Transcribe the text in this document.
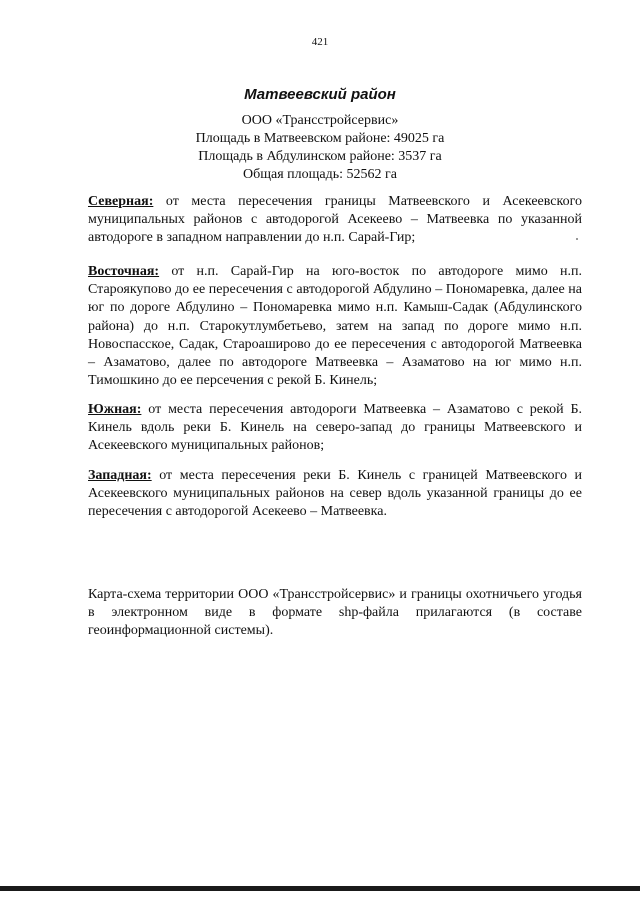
421
Матвеевский район
ООО «Трансстройсервис»
Площадь в Матвеевском районе: 49025 га
Площадь в Абдулинском районе: 3537 га
Общая площадь: 52562 га

Северная: от места пересечения границы Матвеевского и Асекеевского муниципальных районов с автодорогой Асекеево – Матвеевка по указанной автодороге в западном направлении до н.п. Сарай-Гир;

Восточная: от н.п. Сарай-Гир на юго-восток по автодороге мимо н.п. Староякупово до ее пересечения с автодорогой Абдулино – Пономаревка, далее на юг по дороге Абдулино – Пономаревка мимо н.п. Камыш-Садак (Абдулинского района) до н.п. Старокутлумбетьево, затем на запад по дороге мимо н.п. Новоспасское, Садак, Староаширово до ее пересечения с автодорогой Матвеевка – Азаматово, далее по автодороге Матвеевка – Азаматово на юг мимо н.п. Тимошкино до ее персечения с рекой Б. Кинель;

Южная: от места пересечения автодороги Матвеевка – Азаматово с рекой Б. Кинель вдоль реки Б. Кинель на северо-запад до границы Матвеевского и Асекеевского муниципальных районов;

Западная: от места пересечения реки Б. Кинель с границей Матвеевского и Асекеевского муниципальных районов на север вдоль указанной границы до ее пересечения с автодорогой Асекеево – Матвеевка.

Карта-схема территории ООО «Трансстройсервис» и границы охотничьего угодья в электронном виде в формате shp-файла прилагаются (в составе геоинформационной системы).
